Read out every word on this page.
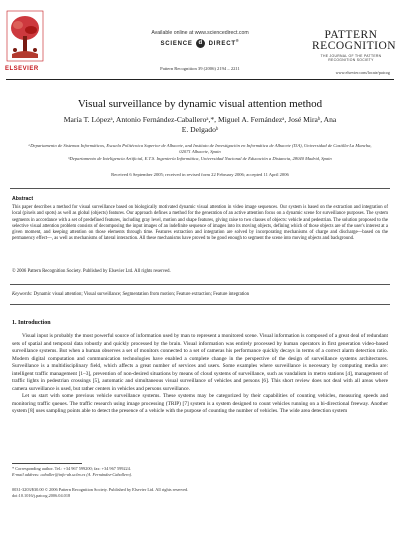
ELSEVIER
Available online at www.sciencedirect.com
SCIENCE d DIRECT®
Pattern Recognition 39 (2006) 2194 – 2211
PATTERN RECOGNITION
THE JOURNAL OF THE PATTERN RECOGNITION SOCIETY
www.elsevier.com/locate/patcog
Visual surveillance by dynamic visual attention method
María T. Lópezᵃ, Antonio Fernández-Caballeroᵃ,*, Miguel A. Fernándezᵃ, José Miraᵇ, Ana E. Delgadoᵇ
ᵃDepartamento de Sistemas Informáticos, Escuela Politécnica Superior de Albacete, and Instituto de Investigación en Informática de Albacete (I3A), Universidad de Castilla-La Mancha, 02071 Albacete, Spain
ᵇDepartamento de Inteligencia Artificial, E.T.S. Ingeniería Informática, Universidad Nacional de Educación a Distancia, 28040 Madrid, Spain
Received 6 September 2005; received in revised form 22 February 2006; accepted 11 April 2006
Abstract
This paper describes a method for visual surveillance based on biologically motivated dynamic visual attention in video image sequences. Our system is based on the extraction and integration of local (pixels and spots) as well as global (objects) features. Our approach defines a method for the generation of an active attention focus on a dynamic scene for surveillance purposes. The system segments in accordance with a set of predefined features, including gray level, motion and shape features, giving raise to two classes of objects: vehicle and pedestrian. The solution proposed to the selective visual attention problem consists of decomposing the input images of an indefinite sequence of images into its moving objects, defining which of those objects are of the user's interest at a given moment, and keeping attention on those elements through time. Features extraction and integration are solved by incorporating mechanisms of charge and discharge—based on the permanency effect—, as well as mechanisms of lateral interaction. All these mechanisms have proved to be good enough to segment the scene into moving objects and background.
© 2006 Pattern Recognition Society. Published by Elsevier Ltd. All rights reserved.
Keywords: Dynamic visual attention; Visual surveillance; Segmentation from motion; Feature extraction; Feature integration
1. Introduction

Visual input is probably the most powerful source of information used by man to represent a monitored scene. Visual information is composed of a great deal of redundant sets of spatial and temporal data robustly and quickly processed by the brain. Visual information was entirely processed by human operators in first generation video-based surveillance systems. But when a human observes a set of monitors connected to a set of cameras his performance quickly decays in terms of a correct alarm detection ratio. Modern digital computation and communication technologies have enabled a complete change in the perspective of the design of surveillance systems architectures. Surveillance is a multidisciplinary field, which affects a great number of services and users. Some examples where surveillance is necessary by computing media are: intelligent traffic management [1–3], prevention of non-desired situations by means of cloud systems of surveillance, such as vandalism in metro stations [4], management of traffic lights in pedestrian crossings [5], automatic and simultaneous visual surveillance of vehicles and persons [6]. This short review does not deal with all areas where camera surveillance is used, but rather centers in vehicles and persons surveillance.

Let us start with some previous vehicle surveillance systems. These systems may be categorized by their capabilities of counting vehicles, measuring speeds and monitoring traffic queues. The traffic research using image processing (TRIP) [7] system is a system designed to count vehicles running on a bi-directional freeway. Another system [8] uses sampling points able to detect the presence of a vehicle with the purpose of counting the number of vehicles. The wide area detection system

* Corresponding author. Tel.: +34 967 599200; fax: +34 967 599224.
E-mail address: caballer@info-ab.uclm.es (A. Fernández-Caballero).
0031-3203/$30.00 © 2006 Pattern Recognition Society. Published by Elsevier Ltd. All rights reserved.
doi:10.1016/j.patcog.2006.04.018
